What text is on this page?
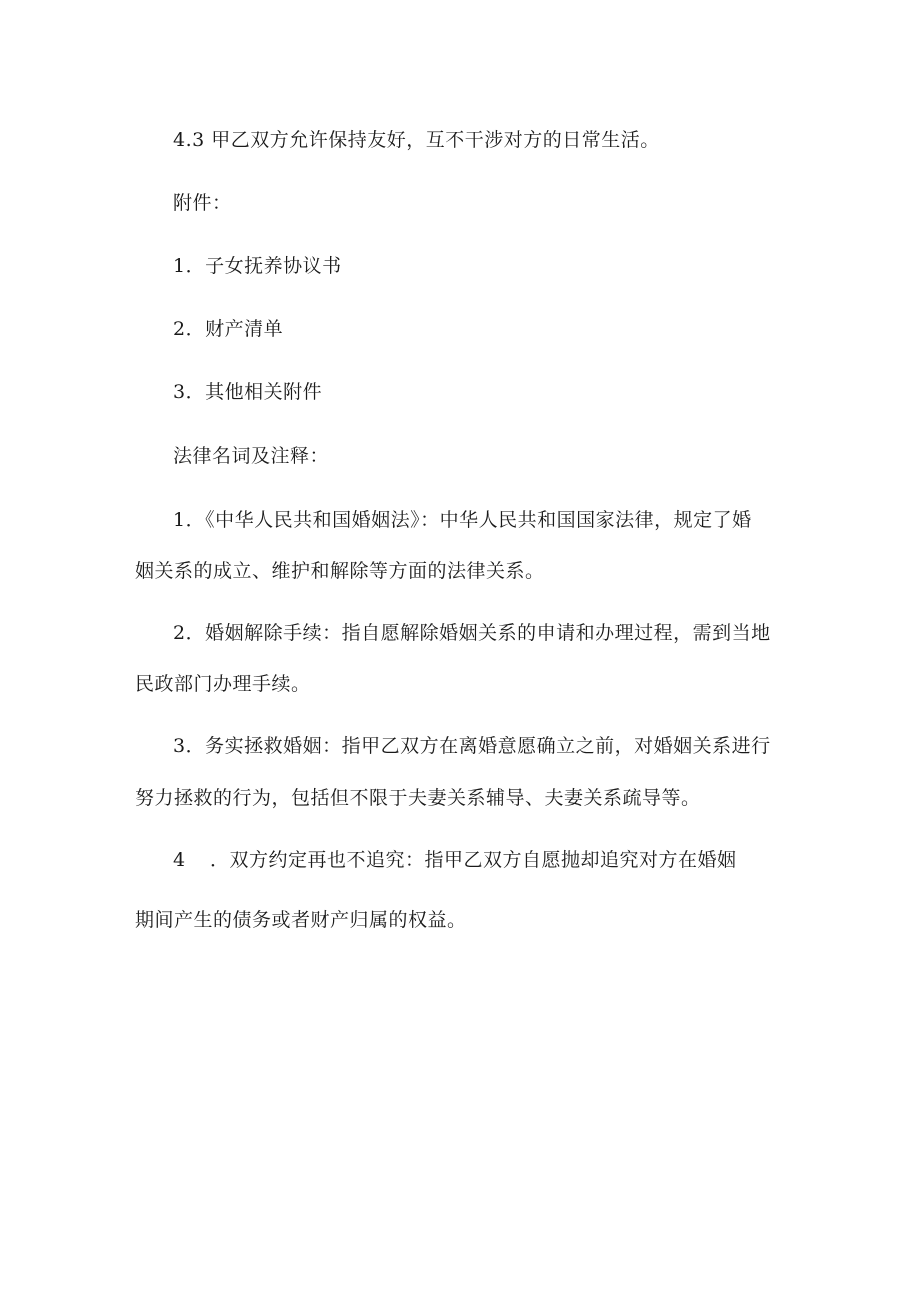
4.3 甲乙双方允许保持友好，互不干涉对方的日常生活。
附件：
1．子女抚养协议书
2．财产清单
3．其他相关附件
法律名词及注释：
1．《中华人民共和国婚姻法》：中华人民共和国国家法律，规定了婚
姻关系的成立、维护和解除等方面的法律关系。
2．婚姻解除手续：指自愿解除婚姻关系的申请和办理过程，需到当地
民政部门办理手续。
3．务实拯救婚姻：指甲乙双方在离婚意愿确立之前，对婚姻关系进行
努力拯救的行为，包括但不限于夫妻关系辅导、夫妻关系疏导等。
4 ．双方约定再也不追究：指甲乙双方自愿抛却追究对方在婚姻
期间产生的债务或者财产归属的权益。
